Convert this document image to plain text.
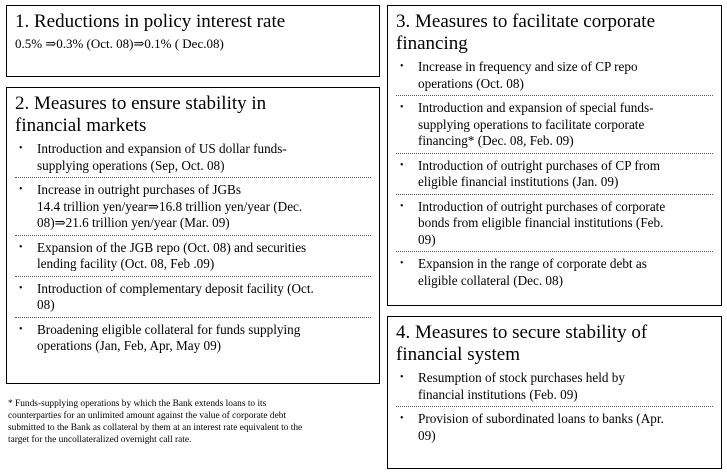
1. Reductions in policy interest rate
0.5% ⇒0.3% (Oct. 08)⇒0.1% ( Dec.08)
2. Measures to ensure stability in
financial markets
• Introduction and expansion of US dollar funds-
supplying operations (Sep, Oct. 08)
• Increase in outright purchases of JGBs
14.4 trillion yen/year⇒16.8 trillion yen/year (Dec.
08)⇒21.6 trillion yen/year (Mar. 09)
• Expansion of the JGB repo (Oct. 08) and securities
lending facility (Oct. 08, Feb .09)
• Introduction of complementary deposit facility (Oct.
08)
• Broadening eligible collateral for funds supplying
operations (Jan, Feb, Apr, May 09)
* Funds-supplying operations by which the Bank extends loans to its
counterparties for an unlimited amount against the value of corporate debt
submitted to the Bank as collateral by them at an interest rate equivalent to the
target for the uncollateralized overnight call rate.
3. Measures to facilitate corporate
financing
• Increase in frequency and size of CP repo
operations (Oct. 08)
• Introduction and expansion of special funds-
supplying operations to facilitate corporate
financing* (Dec. 08, Feb. 09)
• Introduction of outright purchases of CP from
eligible financial institutions (Jan. 09)
• Introduction of outright purchases of corporate
bonds from eligible financial institutions (Feb.
09)
• Expansion in the range of corporate debt as
eligible collateral (Dec. 08)
4. Measures to secure stability of
financial system
• Resumption of stock purchases held by
financial institutions (Feb. 09)
• Provision of subordinated loans to banks (Apr.
09)
